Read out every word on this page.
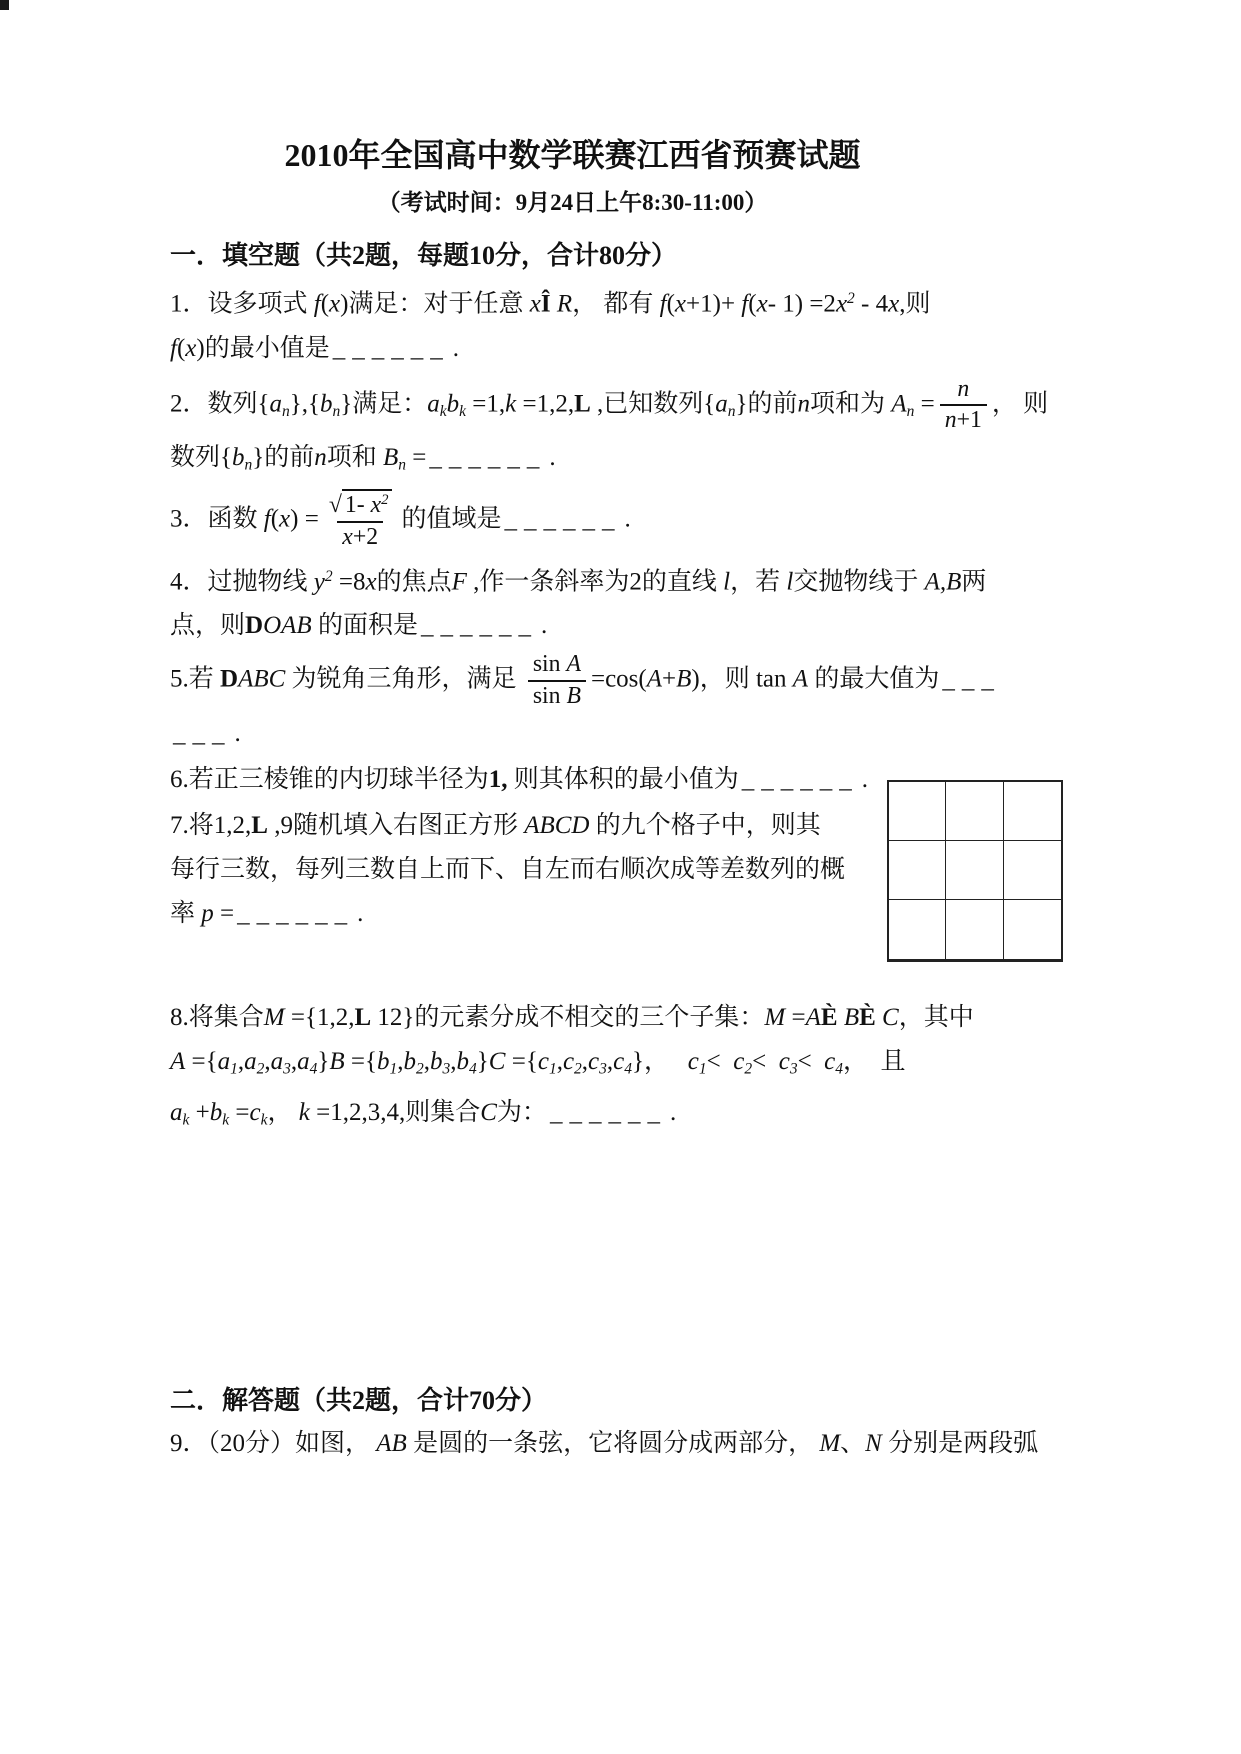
2010年全国高中数学联赛江西省预赛试题
（考试时间：9月24日上午8:30-11:00）
一．填空题（共2题，每题10分，合计80分）
1．设多项式 f(x)满足：对于任意 xÎ R， 都有 f(x+1)+ f(x- $1) =2x^2 - 4x$,则
f(x)的最小值是 ______ .
2．数列{an},{bn}满足：akbk =1,k =1,2,L ,已知数列{an}的前n项和为 $An = \frac{n}{n+1}$ ， 则
数列{bn}的前n项和 Bn = ______ .
3．函数 $f(x) = \frac{√ 1- x^2}{x+2}$ 的值域是 ______ .
4．过抛物线 $y^2 =8x$的焦点F ,作一条斜率为2的直线 l，若 l交抛物线于 A,B两
点，则DOAB 的面积是 ______ .
5.若 DABC 为锐角三角形，满足 $\frac{\text{sin A}}{\text{sin B}} =\cos(A+B)$，则 tan A 的最大值为 ___
___ .
6.若正三棱锥的内切球半径为1, 则其体积的最小值为 ______ .
7.将1,2,L ,9随机填入右图正方形 ABCD 的九个格子中，则其
每行三数，每列三数自上而下、自左而右顺次成等差数列的概
率 p = ______ .
8.将集合M ={1,2,L 12}的元素分成不相交的三个子集：M =AÈ BÈ C，其中
A ={a1,a2,a3,a4}B ={b1,b2,b3,b4}C ={c1,c2,c3,c4}，   c1<  c2<  c3<  c4，  且
ak +bk =ck， k =1,2,3,4,则集合C为： ______ .
二．解答题（共2题，合计70分）
9．（20分）如图， AB 是圆的一条弦，它将圆分成两部分， M、N 分别是两段弧
